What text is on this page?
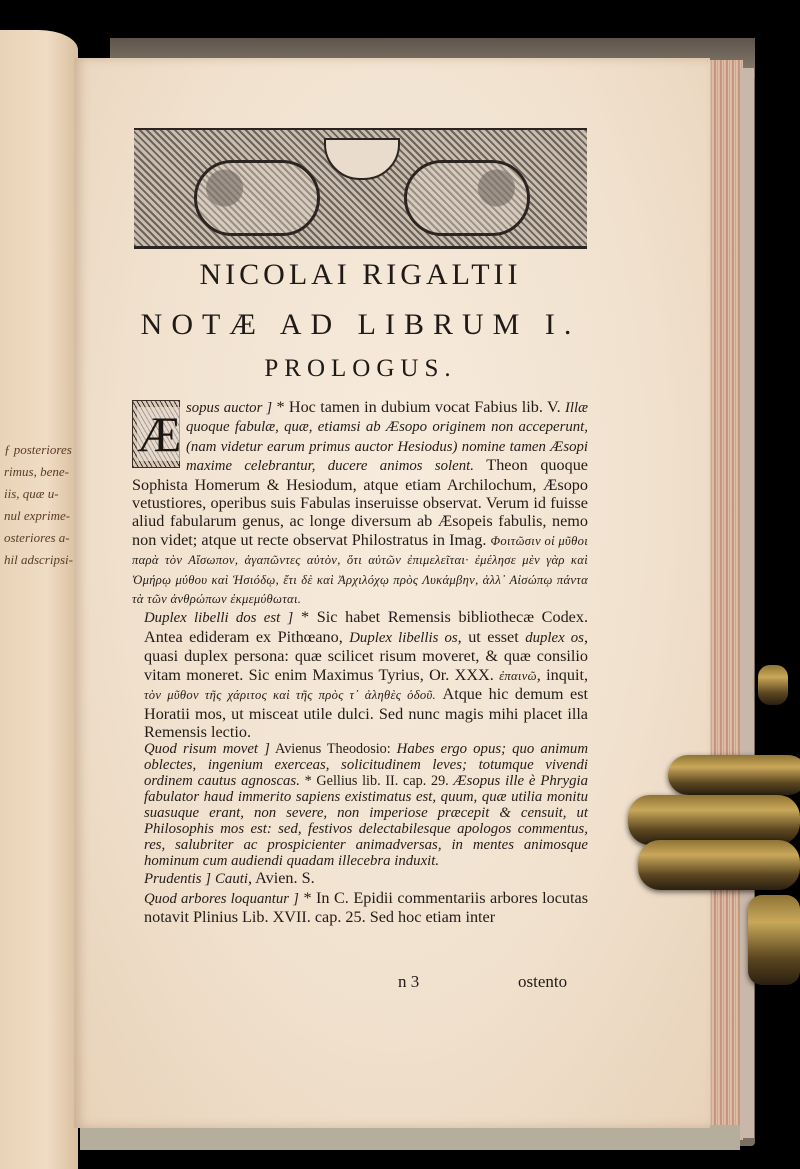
ƒ posteriores
rimus, bene-
iis, quæ u-
nul exprime-
osteriores a-
hil adscripsi-
NICOLAI RIGALTII
NOTÆ AD LIBRUM I.
PROLOGUS.

Æ sopus auctor ] * Hoc tamen in dubium vocat Fabius lib. V. Illæ quoque fabulæ, quæ, etiamsi ab Æsopo originem non acceperunt, (nam videtur earum primus auctor Hesiodus) nomine tamen Æsopi maxime celebrantur, ducere animos solent. Theon quoque Sophista Homerum & Hesiodum, atque etiam Archilochum, Æsopo vetustiores, operibus suis Fabulas inseruisse observat. Verum id fuisse aliud fabularum genus, ac longe diversum ab Æsopeis fabulis, nemo non videt; atque ut recte observat Philostratus in Imag. Φοιτῶσιν οἱ μῦθοι παρὰ τὸν Αἴσωπον, ἀγαπῶντες αὐτὸν, ὅτι αὐτῶν ἐπιμελεῖται· ἐμέλησε μὲν γὰρ καὶ Ὁμήρῳ μύθου καὶ Ἡσιόδῳ, ἔτι δὲ καὶ Ἀρχιλόχῳ πρὸς Λυκάμβην, ἀλλ᾽ Αἰσώπῳ πάντα τὰ τῶν ἀνθρώπων ἐκμεμύθωται.

Duplex libelli dos est ] * Sic habet Remensis bibliothecæ Codex. Antea edideram ex Pithœano, Duplex libellis os, ut esset duplex os, quasi duplex persona: quæ scilicet risum moveret, & quæ consilio vitam moneret. Sic enim Maximus Tyrius, Or. XXX. ἐπαινῶ, inquit, τὸν μῦθον τῆς χάριτος καὶ τῆς πρὸς τ᾽ ἀληθὲς ὁδοῦ. Atque hic demum est Horatii mos, ut misceat utile dulci. Sed nunc magis mihi placet illa Remensis lectio.

Quod risum movet ] Avienus Theodosio: Habes ergo opus; quo animum oblectes, ingenium exerceas, solicitudinem leves; totumque vivendi ordinem cautus agnoscas. * Gellius lib. II. cap. 29. Æsopus ille è Phrygia fabulator haud immerito sapiens existimatus est, quum, quæ utilia monitu suasuque erant, non severe, non imperiose præcepit & censuit, ut Philosophis mos est: sed, festivos delectabilesque apologos commentus, res, salubriter ac prospicienter animadversas, in mentes animosque hominum cum audiendi quadam illecebra induxit.

Prudentis ] Cauti, Avien. S.

Quod arbores loquantur ] * In C. Epidii commentariis arbores locutas notavit Plinius Lib. XVII. cap. 25. Sed hoc etiam inter

n 3	ostento
